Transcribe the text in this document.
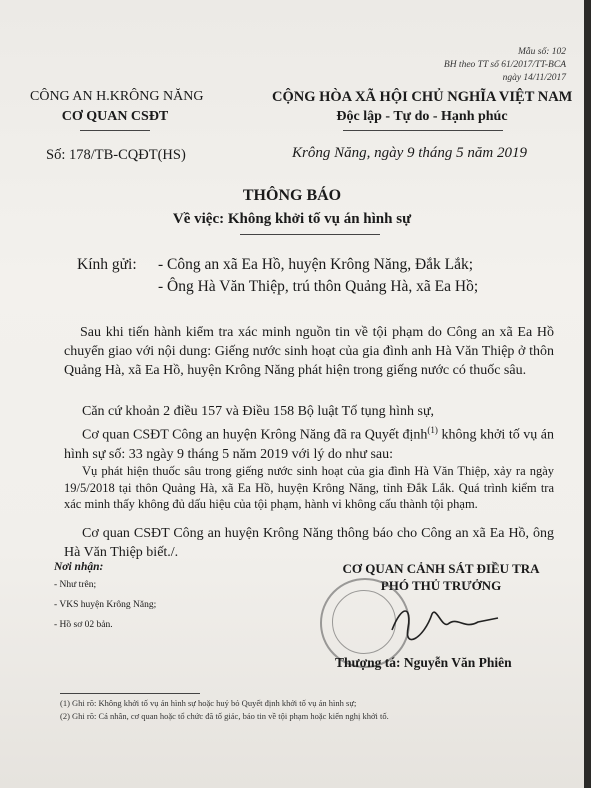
Mẫu số: 102
BH theo TT số 61/2017/TT-BCA
ngày 14/11/2017
CÔNG AN H.KRÔNG NĂNG
CƠ QUAN CSĐT
Số: 178/TB-CQĐT(HS)
CỘNG HÒA XÃ HỘI CHỦ NGHĨA VIỆT NAM
Độc lập - Tự do - Hạnh phúc
Krông Năng, ngày 9 tháng 5 năm 2019
THÔNG BÁO
Về việc: Không khởi tố vụ án hình sự
Kính gửi: - Công an xã Ea Hồ, huyện Krông Năng, Đắk Lắk;
- Ông Hà Văn Thiệp, trú thôn Quảng Hà, xã Ea Hồ;
Sau khi tiến hành kiểm tra xác minh nguồn tin về tội phạm do Công an xã Ea Hồ chuyển giao với nội dung: Giếng nước sinh hoạt của gia đình anh Hà Văn Thiệp ở thôn Quảng Hà, xã Ea Hồ, huyện Krông Năng phát hiện trong giếng nước có thuốc sâu.
Căn cứ khoản 2 điều 157 và Điều 158 Bộ luật Tố tụng hình sự,
Cơ quan CSĐT Công an huyện Krông Năng đã ra Quyết định$^{(1)}$ không khởi tố vụ án hình sự số: 33 ngày 9 tháng 5 năm 2019 với lý do như sau:
Vụ phát hiện thuốc sâu trong giếng nước sinh hoạt của gia đình Hà Văn Thiệp, xảy ra ngày 19/5/2018 tại thôn Quảng Hà, xã Ea Hồ, huyện Krông Năng, tỉnh Đắk Lắk. Quá trình kiểm tra xác minh thấy không đủ dấu hiệu của tội phạm, hành vi không cấu thành tội phạm.
Cơ quan CSĐT Công an huyện Krông Năng thông báo cho Công an xã Ea Hồ, ông Hà Văn Thiệp biết./.
Nơi nhận:
- Như trên;
- VKS huyện Krông Năng;
- Hồ sơ 02 bản.
CƠ QUAN CẢNH SÁT ĐIỀU TRA
PHÓ THỦ TRƯỞNG
Thượng tá: Nguyễn Văn Phiên
(1) Ghi rõ: Không khởi tố vụ án hình sự hoặc huỷ bỏ Quyết định khởi tố vụ án hình sự;
(2) Ghi rõ: Cá nhân, cơ quan hoặc tổ chức đã tố giác, báo tin về tội phạm hoặc kiến nghị khởi tố.
